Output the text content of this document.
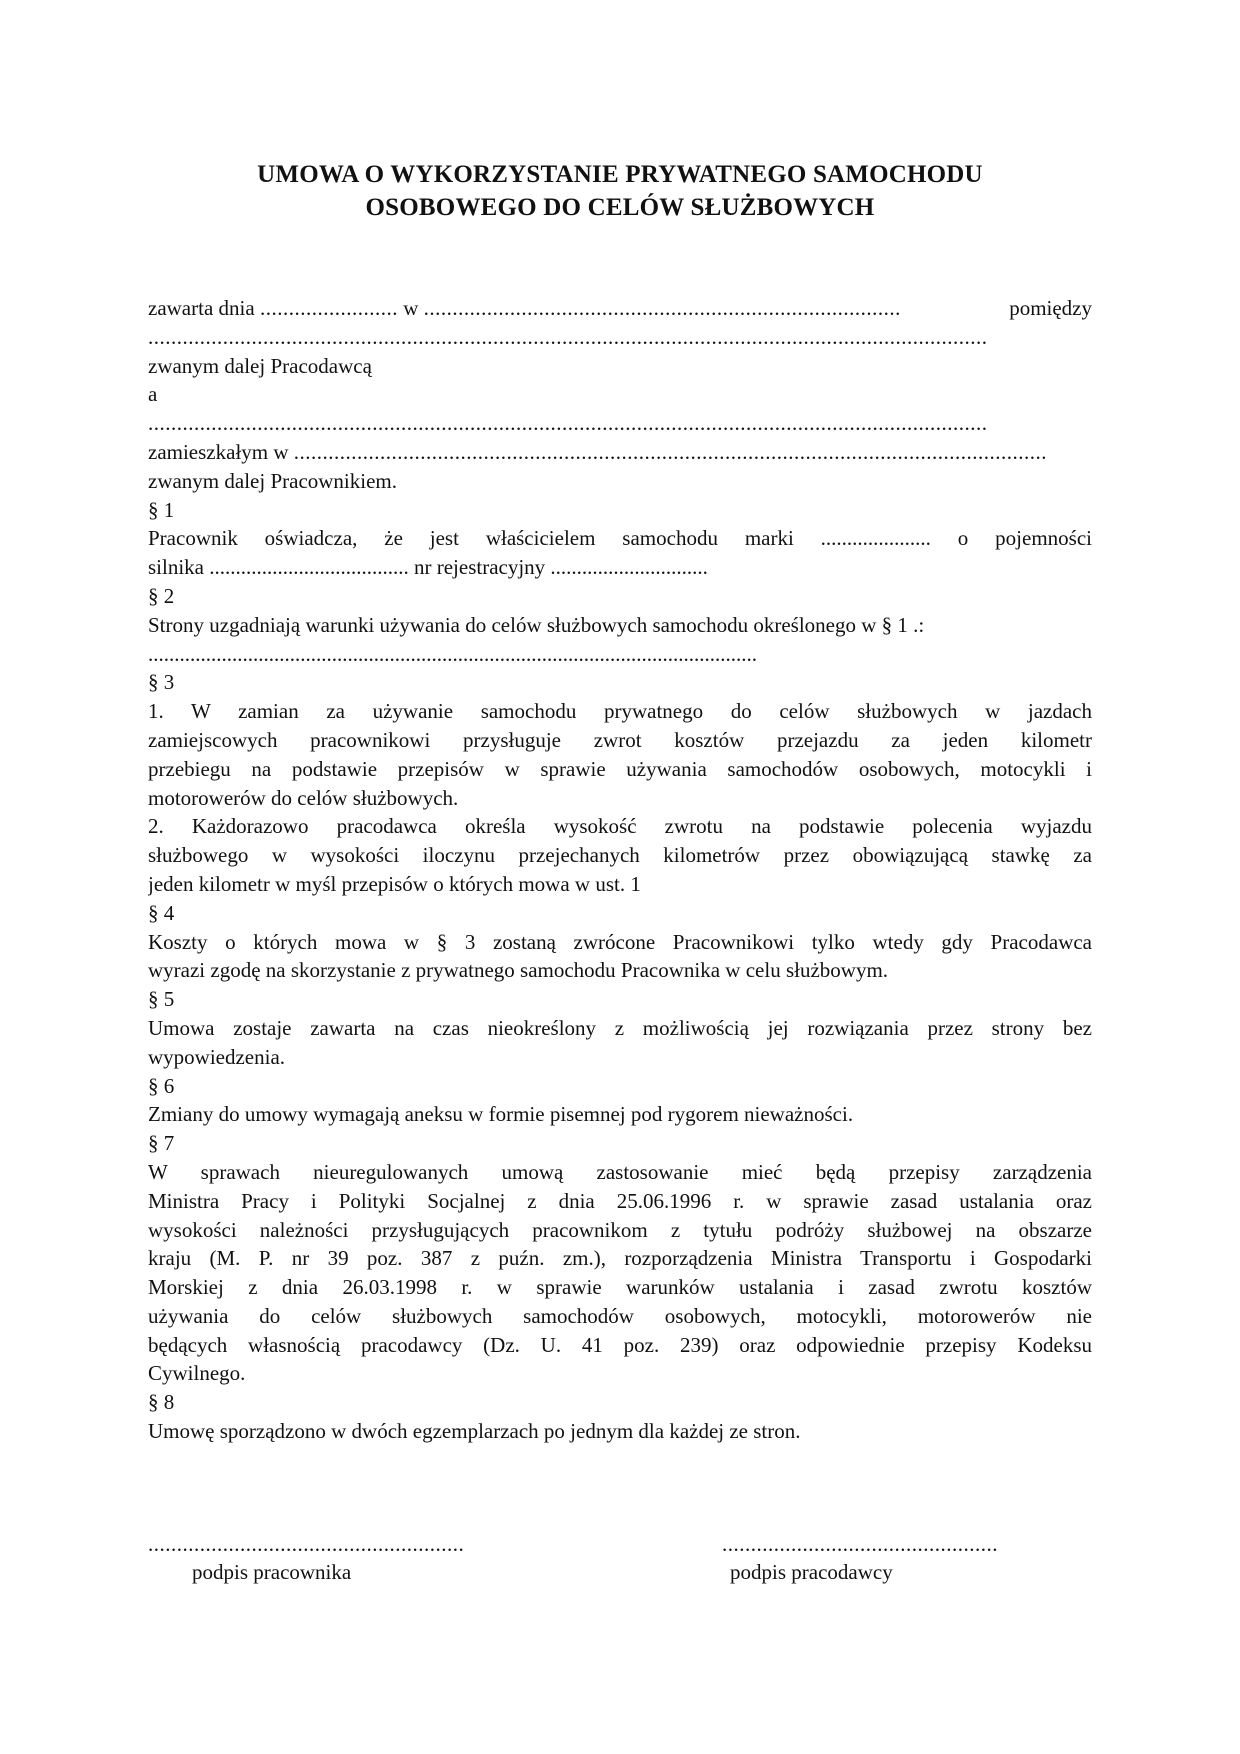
UMOWA O WYKORZYSTANIE PRYWATNEGO SAMOCHODU
OSOBOWEGO DO CELÓW SŁUŻBOWYCH
zawarta dnia ........................ w ...................................................................................	pomiędzy
..................................................................................................................................................
zwanym dalej Pracodawcą
a
..................................................................................................................................................
zamieszkałym w ...................................................................................................................................
zwanym dalej Pracownikiem.
§ 1
Pracownik oświadcza, że jest właścicielem samochodu marki ..................... o pojemności
silnika ...................................... nr rejestracyjny ..............................
§ 2
Strony uzgadniają warunki używania do celów służbowych samochodu określonego w § 1 .:
....................................................................................................................
§ 3
1. W zamian za używanie samochodu prywatnego do celów służbowych w jazdach
zamiejscowych pracownikowi przysługuje zwrot kosztów przejazdu za jeden kilometr
przebiegu na podstawie przepisów w sprawie używania samochodów osobowych, motocykli i
motorowerów do celów służbowych.
2. Każdorazowo pracodawca określa wysokość zwrotu na podstawie polecenia wyjazdu
służbowego w wysokości iloczynu przejechanych kilometrów przez obowiązującą stawkę za
jeden kilometr w myśl przepisów o których mowa w ust. 1
§ 4
Koszty o których mowa w § 3 zostaną zwrócone Pracownikowi tylko wtedy gdy Pracodawca
wyrazi zgodę na skorzystanie z prywatnego samochodu Pracownika w celu służbowym.
§ 5
Umowa zostaje zawarta na czas nieokreślony z możliwością jej rozwiązania przez strony bez
wypowiedzenia.
§ 6
Zmiany do umowy wymagają aneksu w formie pisemnej pod rygorem nieważności.
§ 7
W sprawach nieuregulowanych umową zastosowanie mieć będą przepisy zarządzenia
Ministra Pracy i Polityki Socjalnej z dnia 25.06.1996 r. w sprawie zasad ustalania oraz
wysokości należności przysługujących pracownikom z tytułu podróży służbowej na obszarze
kraju (M. P. nr 39 poz. 387 z puźn. zm.), rozporządzenia Ministra Transportu i Gospodarki
Morskiej z dnia 26.03.1998 r. w sprawie warunków ustalania i zasad zwrotu kosztów
używania do celów służbowych samochodów osobowych, motocykli, motorowerów nie
będących własnością pracodawcy (Dz. U. 41 poz. 239) oraz odpowiednie przepisy Kodeksu
Cywilnego.
§ 8
Umowę sporządzono w dwóch egzemplarzach po jednym dla każdej ze stron.
.......................................................
podpis pracownika
................................................
podpis pracodawcy
